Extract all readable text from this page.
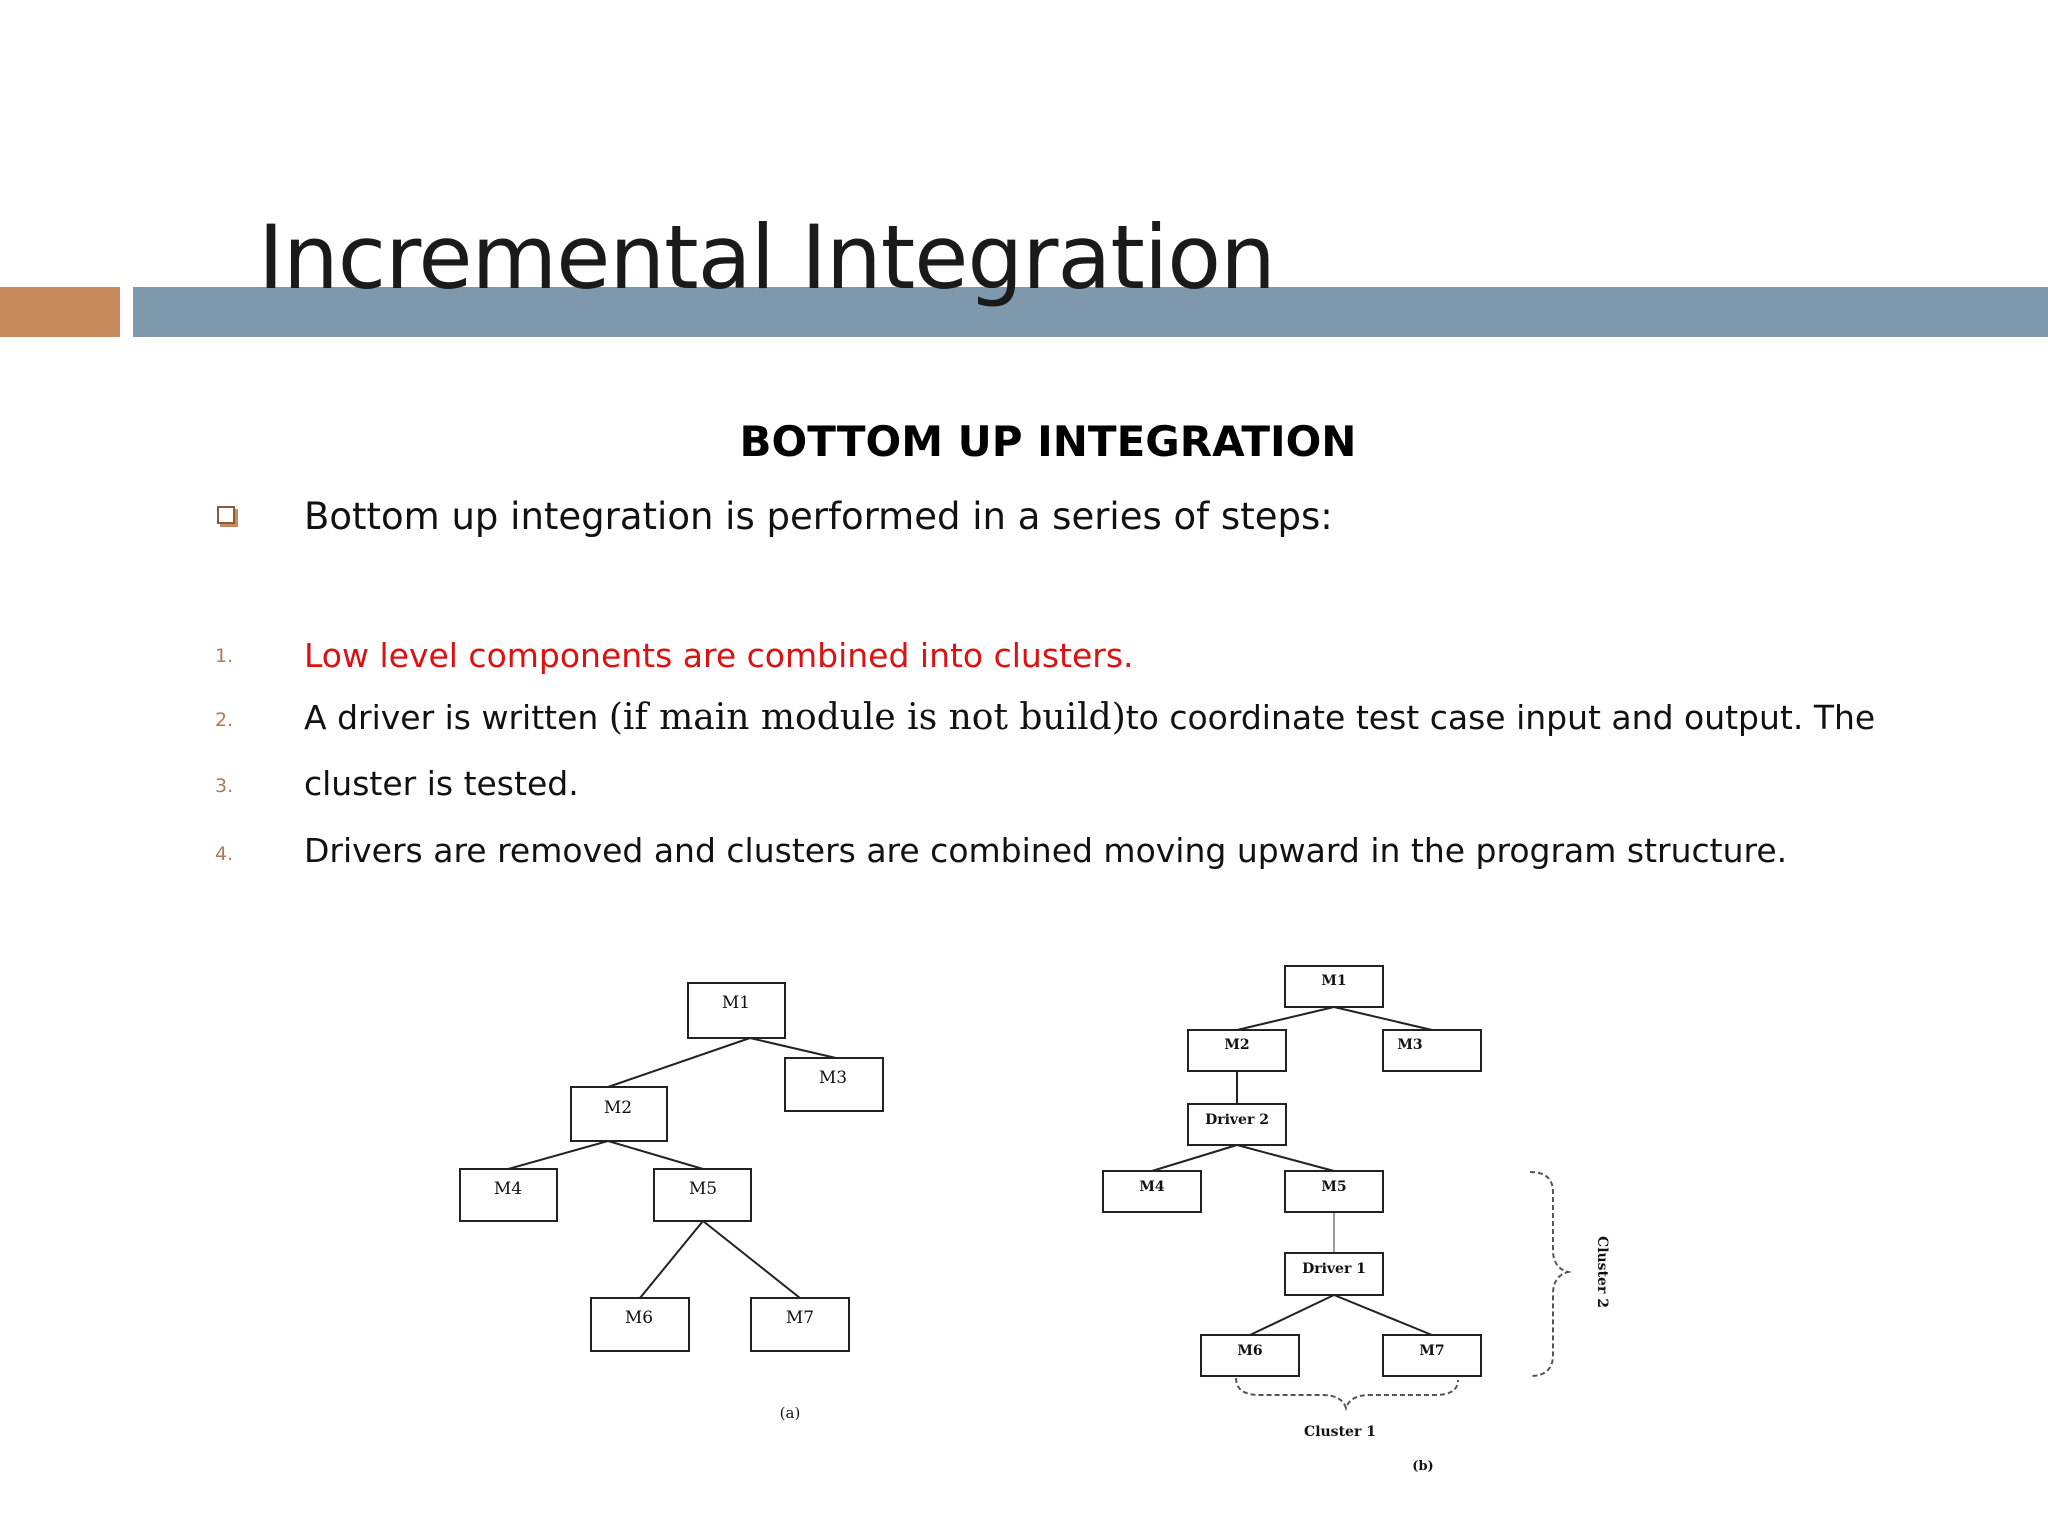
Incremental Integration
BOTTOM UP INTEGRATION
Bottom up integration is performed in a series of steps:
1. Low level components are combined into clusters.
2. A driver is written (if main module is not build)to coordinate test case input and output. The
3. cluster is tested.
4. Drivers are removed and clusters are combined moving upward in the program structure.
M1
M3
M2
M4	M5
M6	M7
(a)
M1
M2	M3
Driver 2
M4	M5
Driver 1
M6	M7
Cluster 1
(b)
Cluster 2
